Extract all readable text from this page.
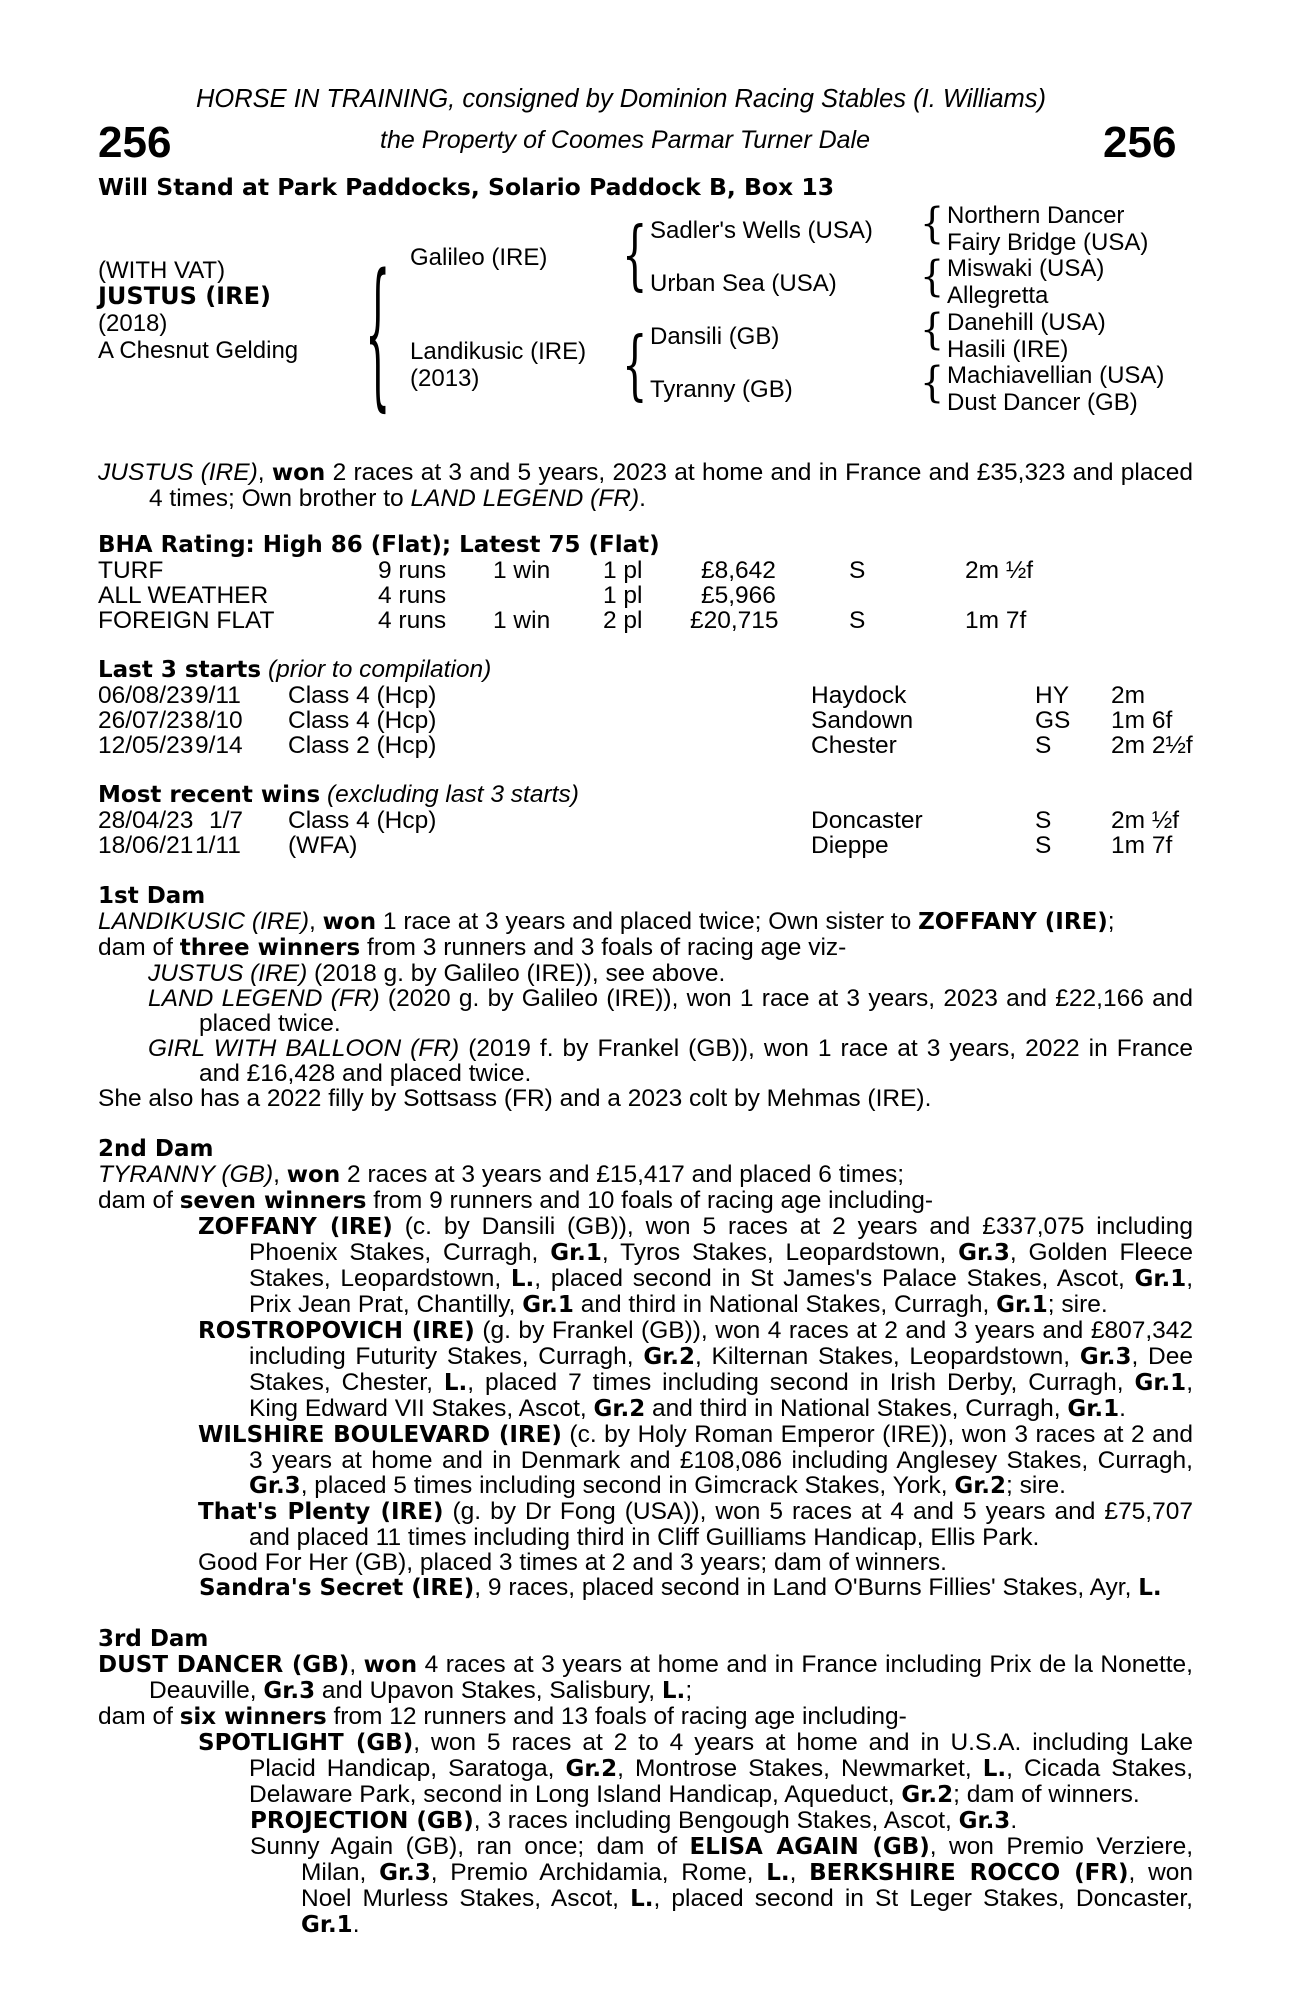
HORSE IN TRAINING, consigned by Dominion Racing Stables (I. Williams)
256	the Property of Coomes Parmar Turner Dale	256
Will Stand at Park Paddocks, Solario Paddock B, Box 13
(WITH VAT)
JUSTUS (IRE)
(2018)
A Chesnut Gelding { Galileo (IRE)
Landikusic (IRE)
(2013)
{ Sadler's Wells (USA)
Urban Sea (USA)
{ Dansili (GB)
Tyranny (GB)
{ Northern Dancer
Fairy Bridge (USA)
{ Miswaki (USA)
Allegretta
{ Danehill (USA)
Hasili (IRE)
{ Machiavellian (USA)
Dust Dancer (GB)
JUSTUS (IRE), won 2 races at 3 and 5 years, 2023 at home and in France and £35,323 and placed 4 times; Own brother to LAND LEGEND (FR).
BHA Rating: High 86 (Flat); Latest 75 (Flat)
TURF	9 runs 1 win 1 pl £8,642	S	2m ½f
ALL WEATHER	4 runs	1 pl £5,966
FOREIGN FLAT	4 runs 1 win 2 pl £20,715	S	1m 7f
Last 3 starts (prior to compilation)
06/08/23 9/11 Class 4 (Hcp)	Haydock	HY 2m
26/07/23 8/10 Class 4 (Hcp)	Sandown	GS 1m 6f
12/05/23 9/14 Class 2 (Hcp)	Chester	S 2m 2½f
Most recent wins (excluding last 3 starts)
28/04/23 1/7 Class 4 (Hcp)	Doncaster	S 2m ½f
18/06/21 1/11 (WFA)	Dieppe	S 1m 7f
1st Dam
LANDIKUSIC (IRE), won 1 race at 3 years and placed twice; Own sister to ZOFFANY (IRE);
dam of three winners from 3 runners and 3 foals of racing age viz-
JUSTUS (IRE) (2018 g. by Galileo (IRE)), see above.
LAND LEGEND (FR) (2020 g. by Galileo (IRE)), won 1 race at 3 years, 2023 and £22,166 and placed twice.
GIRL WITH BALLOON (FR) (2019 f. by Frankel (GB)), won 1 race at 3 years, 2022 in France and £16,428 and placed twice.
She also has a 2022 filly by Sottsass (FR) and a 2023 colt by Mehmas (IRE).
2nd Dam
TYRANNY (GB), won 2 races at 3 years and £15,417 and placed 6 times;
dam of seven winners from 9 runners and 10 foals of racing age including-
ZOFFANY (IRE) (c. by Dansili (GB)), won 5 races at 2 years and £337,075 including Phoenix Stakes, Curragh, Gr.1, Tyros Stakes, Leopardstown, Gr.3, Golden Fleece Stakes, Leopardstown, L., placed second in St James's Palace Stakes, Ascot, Gr.1, Prix Jean Prat, Chantilly, Gr.1 and third in National Stakes, Curragh, Gr.1; sire.
ROSTROPOVICH (IRE) (g. by Frankel (GB)), won 4 races at 2 and 3 years and £807,342 including Futurity Stakes, Curragh, Gr.2, Kilternan Stakes, Leopardstown, Gr.3, Dee Stakes, Chester, L., placed 7 times including second in Irish Derby, Curragh, Gr.1, King Edward VII Stakes, Ascot, Gr.2 and third in National Stakes, Curragh, Gr.1.
WILSHIRE BOULEVARD (IRE) (c. by Holy Roman Emperor (IRE)), won 3 races at 2 and 3 years at home and in Denmark and £108,086 including Anglesey Stakes, Curragh, Gr.3, placed 5 times including second in Gimcrack Stakes, York, Gr.2; sire.
That's Plenty (IRE) (g. by Dr Fong (USA)), won 5 races at 4 and 5 years and £75,707 and placed 11 times including third in Cliff Guilliams Handicap, Ellis Park.
Good For Her (GB), placed 3 times at 2 and 3 years; dam of winners.
Sandra's Secret (IRE), 9 races, placed second in Land O'Burns Fillies' Stakes, Ayr, L.
3rd Dam
DUST DANCER (GB), won 4 races at 3 years at home and in France including Prix de la Nonette, Deauville, Gr.3 and Upavon Stakes, Salisbury, L.;
dam of six winners from 12 runners and 13 foals of racing age including-
SPOTLIGHT (GB), won 5 races at 2 to 4 years at home and in U.S.A. including Lake Placid Handicap, Saratoga, Gr.2, Montrose Stakes, Newmarket, L., Cicada Stakes, Delaware Park, second in Long Island Handicap, Aqueduct, Gr.2; dam of winners.
PROJECTION (GB), 3 races including Bengough Stakes, Ascot, Gr.3.
Sunny Again (GB), ran once; dam of ELISA AGAIN (GB), won Premio Verziere, Milan, Gr.3, Premio Archidamia, Rome, L., BERKSHIRE ROCCO (FR), won Noel Murless Stakes, Ascot, L., placed second in St Leger Stakes, Doncaster, Gr.1.
